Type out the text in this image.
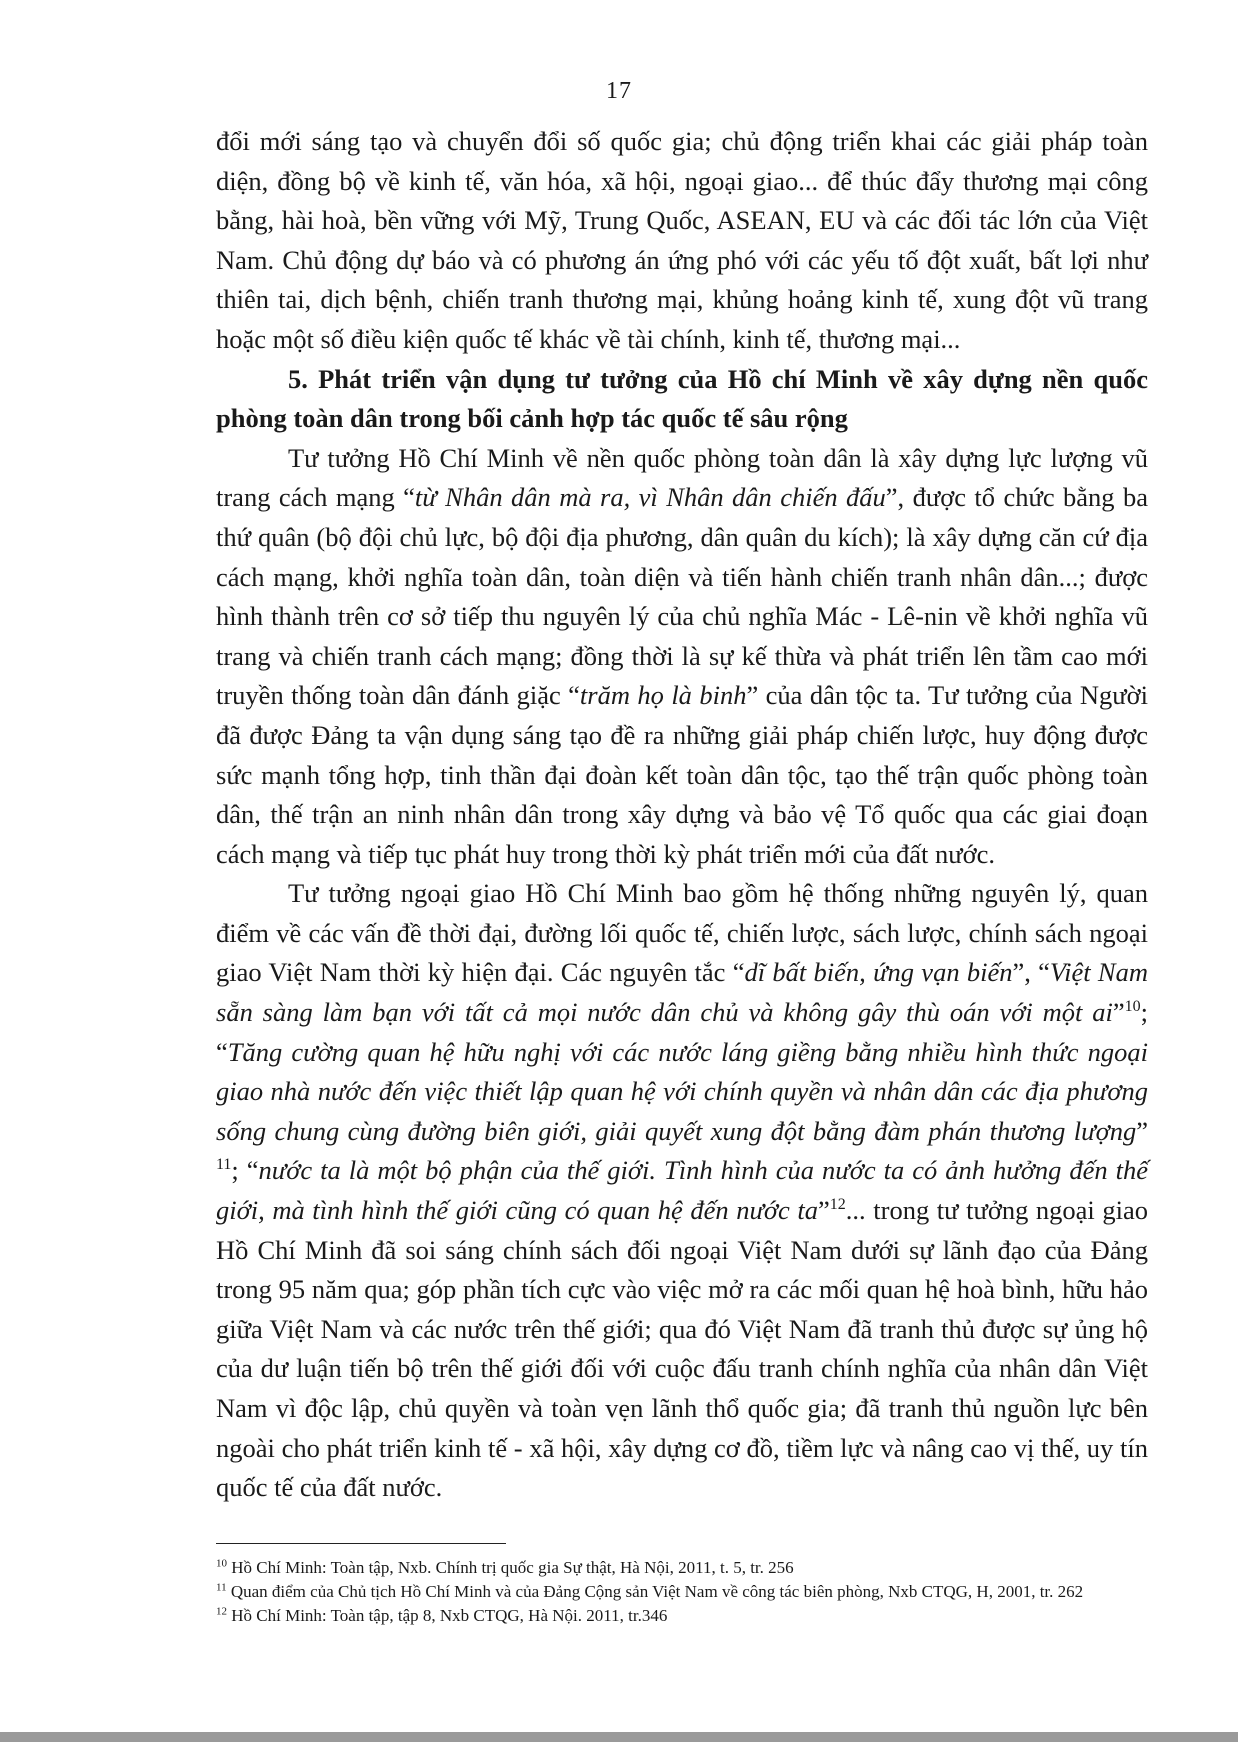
17

đổi mới sáng tạo và chuyển đổi số quốc gia; chủ động triển khai các giải pháp toàn diện, đồng bộ về kinh tế, văn hóa, xã hội, ngoại giao... để thúc đẩy thương mại công bằng, hài hoà, bền vững với Mỹ, Trung Quốc, ASEAN, EU và các đối tác lớn của Việt Nam. Chủ động dự báo và có phương án ứng phó với các yếu tố đột xuất, bất lợi như thiên tai, dịch bệnh, chiến tranh thương mại, khủng hoảng kinh tế, xung đột vũ trang hoặc một số điều kiện quốc tế khác về tài chính, kinh tế, thương mại...

5. Phát triển vận dụng tư tưởng của Hồ chí Minh về xây dựng nền quốc phòng toàn dân trong bối cảnh hợp tác quốc tế sâu rộng

Tư tưởng Hồ Chí Minh về nền quốc phòng toàn dân là xây dựng lực lượng vũ trang cách mạng “từ Nhân dân mà ra, vì Nhân dân chiến đấu”, được tổ chức bằng ba thứ quân (bộ đội chủ lực, bộ đội địa phương, dân quân du kích); là xây dựng căn cứ địa cách mạng, khởi nghĩa toàn dân, toàn diện và tiến hành chiến tranh nhân dân...; được hình thành trên cơ sở tiếp thu nguyên lý của chủ nghĩa Mác - Lê-nin về khởi nghĩa vũ trang và chiến tranh cách mạng; đồng thời là sự kế thừa và phát triển lên tầm cao mới truyền thống toàn dân đánh giặc “trăm họ là binh” của dân tộc ta. Tư tưởng của Người đã được Đảng ta vận dụng sáng tạo đề ra những giải pháp chiến lược, huy động được sức mạnh tổng hợp, tinh thần đại đoàn kết toàn dân tộc, tạo thế trận quốc phòng toàn dân, thế trận an ninh nhân dân trong xây dựng và bảo vệ Tổ quốc qua các giai đoạn cách mạng và tiếp tục phát huy trong thời kỳ phát triển mới của đất nước.

Tư tưởng ngoại giao Hồ Chí Minh bao gồm hệ thống những nguyên lý, quan điểm về các vấn đề thời đại, đường lối quốc tế, chiến lược, sách lược, chính sách ngoại giao Việt Nam thời kỳ hiện đại. Các nguyên tắc “dĩ bất biến, ứng vạn biến”, “Việt Nam sẵn sàng làm bạn với tất cả mọi nước dân chủ và không gây thù oán với một ai”$^{10}$; “Tăng cường quan hệ hữu nghị với các nước láng giềng bằng nhiều hình thức ngoại giao nhà nước đến việc thiết lập quan hệ với chính quyền và nhân dân các địa phương sống chung cùng đường biên giới, giải quyết xung đột bằng đàm phán thương lượng” $^{11}$; “nước ta là một bộ phận của thế giới. Tình hình của nước ta có ảnh hưởng đến thế giới, mà tình hình thế giới cũng có quan hệ đến nước ta”$^{12}$... trong tư tưởng ngoại giao Hồ Chí Minh đã soi sáng chính sách đối ngoại Việt Nam dưới sự lãnh đạo của Đảng trong 95 năm qua; góp phần tích cực vào việc mở ra các mối quan hệ hoà bình, hữu hảo giữa Việt Nam và các nước trên thế giới; qua đó Việt Nam đã tranh thủ được sự ủng hộ của dư luận tiến bộ trên thế giới đối với cuộc đấu tranh chính nghĩa của nhân dân Việt Nam vì độc lập, chủ quyền và toàn vẹn lãnh thổ quốc gia; đã tranh thủ nguồn lực bên ngoài cho phát triển kinh tế - xã hội, xây dựng cơ đồ, tiềm lực và nâng cao vị thế, uy tín quốc tế của đất nước.

$^{10}$ Hồ Chí Minh: Toàn tập, Nxb. Chính trị quốc gia Sự thật, Hà Nội, 2011, t. 5, tr. 256
$^{11}$ Quan điểm của Chủ tịch Hồ Chí Minh và của Đảng Cộng sản Việt Nam về công tác biên phòng, Nxb CTQG, H, 2001, tr. 262
$^{12}$ Hồ Chí Minh: Toàn tập, tập 8, Nxb CTQG, Hà Nội. 2011, tr.346
